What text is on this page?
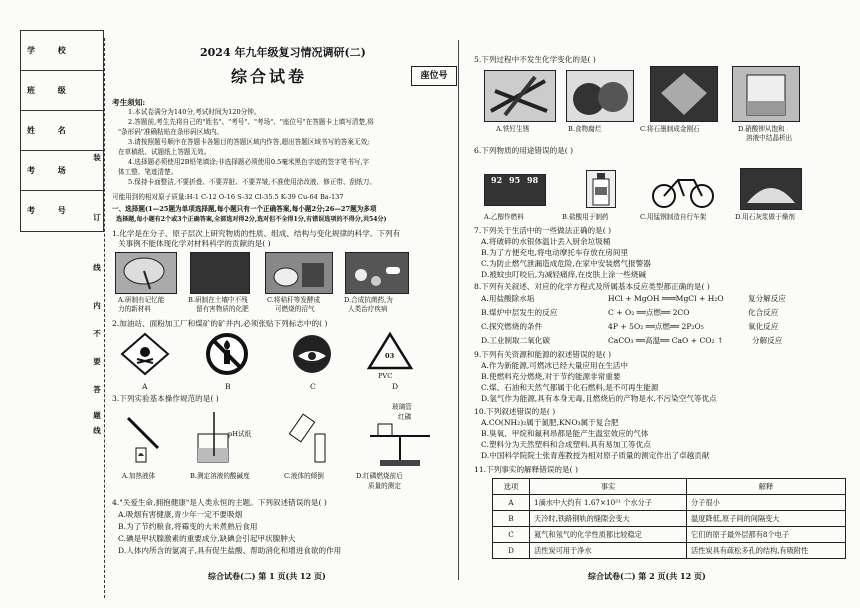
学 校
班 级
姓 名
考 场
考 号
装
订
线
内
不
要
答
题
线
2024 年九年级复习情况调研(二)
综合试卷	座位号
考生须知:
1.本试卷满分为140分,考试时间为120分钟。
2.答题前,考生先将自己的"姓名"、"考号"、"考场"、"座位号"在答题卡上填写清楚,将
"条形码"准确粘贴在条形码区域内。
3.请按照题号顺序在答题卡各题目的答题区域内作答,超出答题区域书写的答案无效;
在草稿纸、试题纸上答题无效。
4.选择题必须使用2B铅笔填涂;非选择题必须使用0.5毫米黑色字迹的签字笔书写,字
体工整、笔迹清楚。
5.保持卡面整洁,不要折叠、不要弄脏、不要弄皱,不准使用涂改液、修正带、刮纸刀。
可能用到的相对原子质量:H-1 C-12 O-16 S-32 Cl-35.5 K-39 Cu-64 Ba-137
一、选择题(1—25题为单项选择题,每小题只有一个正确答案,每小题2分;26—27题为多项
选择题,每小题有2个或3个正确答案,全部选对得2分,选对但不全得1分,有错误选项的不得分,共54分)
1.化学是在分子、原子层次上研究物质的性质、组成、结构与变化规律的科学。下列有
关事例不能体现化学对材料科学的贡献的是( )
A.研制有记忆能
力的新材料
B.研制在土壤中不残
留有害物质的化肥
C.将秸秆等发酵成
可燃烧的沼气
D.合成抗菌药,为
人类治疗疾病
2.加油站、面粉加工厂和煤矿的矿井内,必须张贴下列标志中的( )
03
PVC
A	B	C	D
3.下列实验基本操作规范的是( )
pH试纸
玻璃管
红磷
A.加热液体	B.测定溶液的酸碱度	C.液体的倾倒	D.红磷燃烧前后
质量的测定
4."关爱生命,拥抱健康"是人类永恒的主题。下列叙述错误的是( )
A.吸烟有害健康,青少年一定不要吸烟
B.为了节约粮食,将霉变的大米煮熟后食用
C.碘是甲状腺激素的重要成分,缺碘会引起甲状腺肿大
D.人体内所含的氯离子,具有促生盐酸、帮助消化和增进食欲的作用
综合试卷(二) 第 1 页(共 12 页)
5.下列过程中不发生化学变化的是( )
A.铁钉生锈	B.食物腐烂	C.将石墨制成金刚石	D.硝酸钾从饱和
溶液中结晶析出
6.下列物质的用途错误的是( )
92 95 98
A.乙醇作燃料	B.盐酸用于制药	C.用锰钢制造自行车架	D.用石灰浆做于燥剂
7.下列关于生活中的一些做法正确的是( )
A.将破碎的水银体温计丢入厨余垃圾桶
B.为了方便充电,将电动摩托车存放在房间里
C.为防止燃气泄漏造成危险,在家中安装燃气报警器
D.被蚊虫叮咬后,为减轻痛痒,在皮肤上涂一些烧碱
8.下列有关叙述、对应的化学方程式及所属基本反应类型都正确的是( )
A.用盐酸除水垢	HCl + MgOH ═══MgCl + H₂O	复分解反应
B.煤炉中层发生的反应	C + O₂ ══点燃══ 2CO	化合反应
C.探究燃烧的条件	4P + 5O₂ ══点燃══ 2P₂O₅	氧化反应
D.工业制取二氧化碳	CaCO₃ ══高温══ CaO + CO₂ ↑	分解反应
9.下列有关资源和能源的叙述错误的是( )
A.作为新能源,可燃冰已经大量应用在生活中
B.使燃料充分燃烧,对于节约能源非常重要
C.煤、石油和天然气都属于化石燃料,是不可再生能源
D.氢气作为能源,具有本身无毒,且燃烧后的产物是水,不污染空气等优点
10.下列叙述错误的是( )
A.CO(NH₂)₂属于氮肥,KNO₃属于复合肥
B.臭氧、甲烷和氟利昂都是能产生温室效应的气体
C.塑料分为天然塑料和合成塑料,具有易加工等优点
D.中国科学院院士张青莲教授为相对原子质量的测定作出了卓越贡献
11.下列事实的解释错误的是( )
选项	事实	解释
A	1滴水中大约有 1.67×10²¹ 个水分子	分子很小
B	天冷时,铁路钢轨的缝隙会变大	温度降低,原子间的间隔变大
C	氦气和氖气的化学性质都比较稳定	它们的原子最外层都有8个电子
D	活性炭可用于净水	活性炭具有疏松多孔的结构,有吸附性
综合试卷(二) 第 2 页(共 12 页)
